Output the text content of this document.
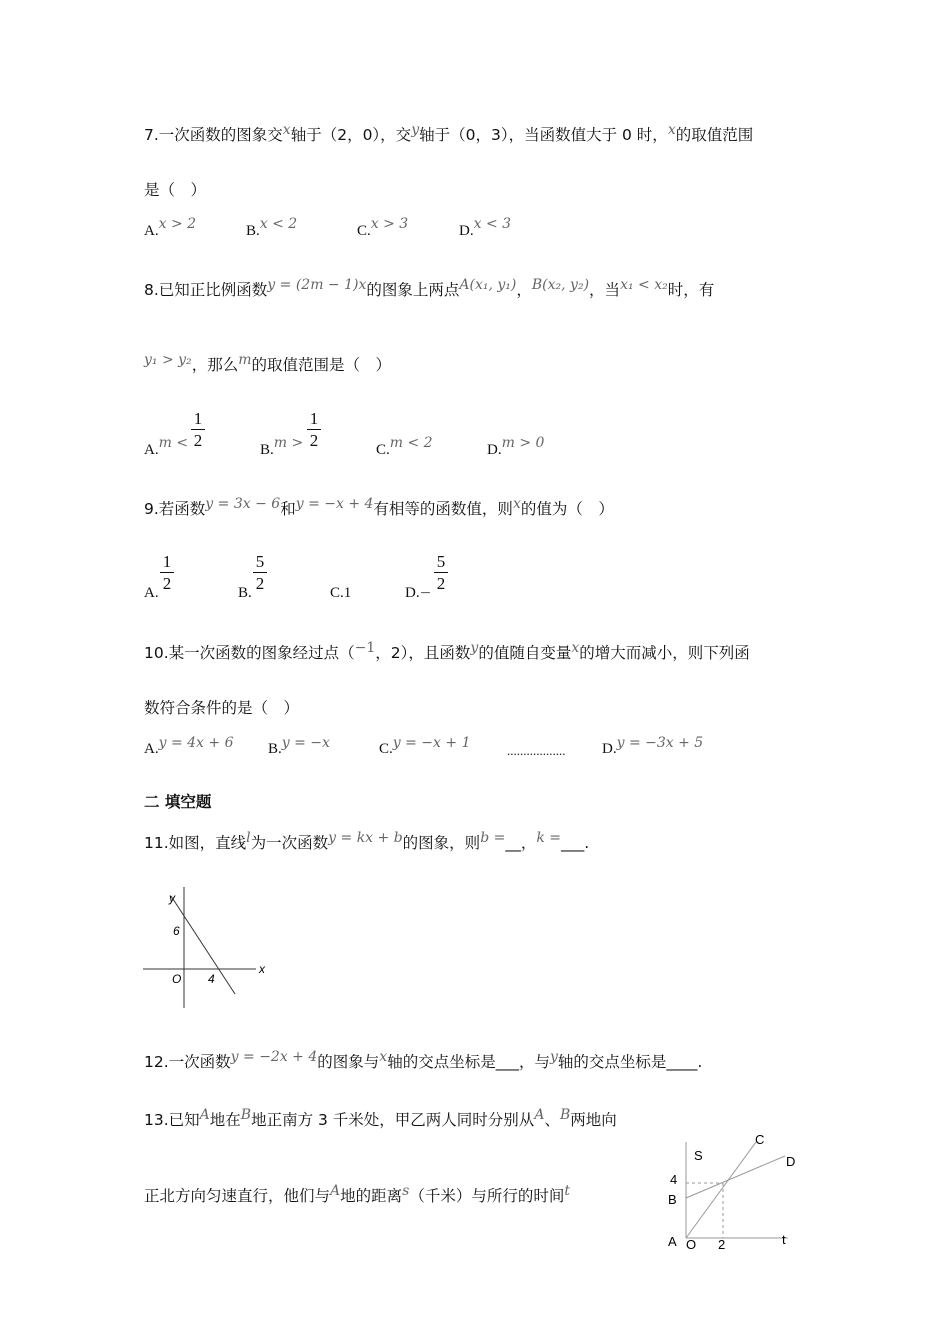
7.一次函数的图象交x轴于（2，0），交y轴于（0，3），当函数值大于 0 时，x的取值范围
是（　）
A.x > 2	B.x < 2	C.x > 3	D.x < 3
8.已知正比例函数y = (2m − 1)x的图象上两点A(x₁, y₁)，B(x₂, y₂)，当x₁ < x₂时，有
y₁ > y₂，那么m的取值范围是（　）
A.m <
1
2	B.m >
1
2	C.m < 2	D.m > 0
9.若函数y = 3x − 6和y = −x + 4有相等的函数值，则x的值为（　）
A.
1
2	B.
5
2	C.1	D.−
5
2
10.某一次函数的图象经过点（−1，2），且函数y的值随自变量x的增大而减小，则下列函
数符合条件的是（　）
A.y = 4x + 6 B.y = −x	C.y = −x + 1	.................. D.y = −3x + 5
二 填空题
11.如图，直线l为一次函数y = kx + b的图象，则b =__，k =___.
y
x
6
O 4
12.一次函数y = −2x + 4的图象与x轴的交点坐标是___，与y轴的交点坐标是____.
13.已知A地在B地正南方 3 千米处，甲乙两人同时分别从A、B两地向
正北方向匀速直行，他们与A地的距离s（千米）与所行的时间t
S
C
D
4
B
A O 2	t
